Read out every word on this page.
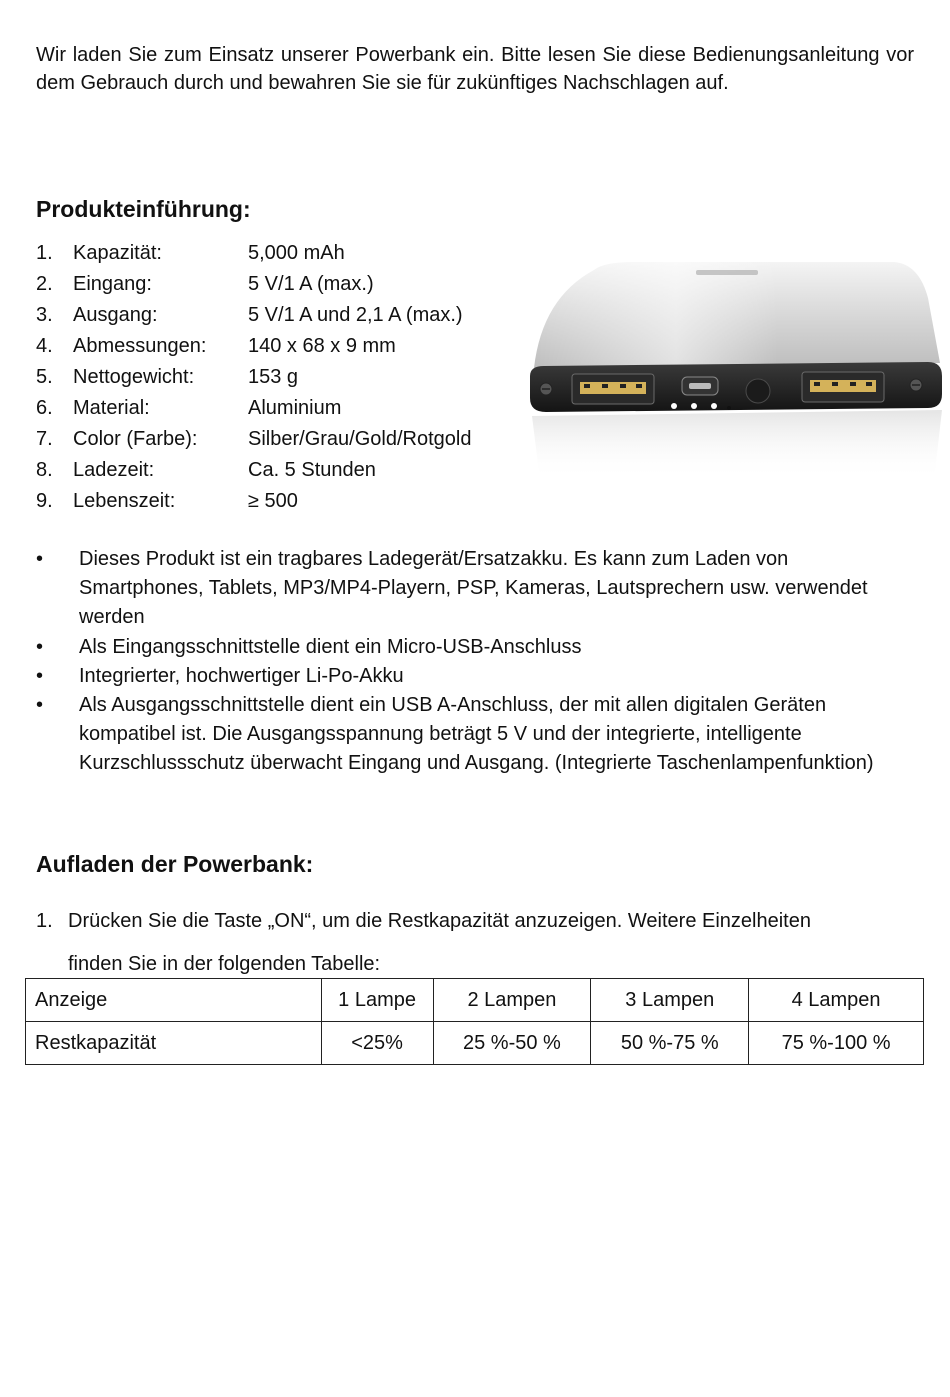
Wir laden Sie zum Einsatz unserer Powerbank ein. Bitte lesen Sie diese Bedienungsanleitung vor dem Gebrauch durch und bewahren Sie sie für zukünftiges Nachschlagen auf.

Produkteinführung:
1.	Kapazität:	5,000 mAh
2.	Eingang:	5 V/1 A (max.)
3.	Ausgang:	5 V/1 A und 2,1 A (max.)
4.	Abmessungen:	140 x 68 x 9 mm
5.	Nettogewicht:	153 g
6.	Material:	Aluminium
7.	Color (Farbe):	Silber/Grau/Gold/Rotgold
8.	Ladezeit:	Ca. 5 Stunden
9.	Lebenszeit:	≥ 500
• Dieses Produkt ist ein tragbares Ladegerät/Ersatzakku. Es kann zum Laden von Smartphones, Tablets, MP3/MP4-Playern, PSP, Kameras, Lautsprechern usw. verwendet werden
• Als Eingangsschnittstelle dient ein Micro-USB-Anschluss
• Integrierter, hochwertiger Li-Po-Akku
• Als Ausgangsschnittstelle dient ein USB A-Anschluss, der mit allen digitalen Geräten kompatibel ist. Die Ausgangsspannung beträgt 5 V und der integrierte, intelligente Kurzschlussschutz überwacht Eingang und Ausgang. (Integrierte Taschenlampenfunktion)
Aufladen der Powerbank:
1. Drücken Sie die Taste „ON“, um die Restkapazität anzuzeigen. Weitere Einzelheiten
finden Sie in der folgenden Tabelle:
Anzeige	1 Lampe	2 Lampen	3 Lampen	4 Lampen
Restkapazität	<25%	25 %-50 %	50 %-75 %	75 %-100 %
